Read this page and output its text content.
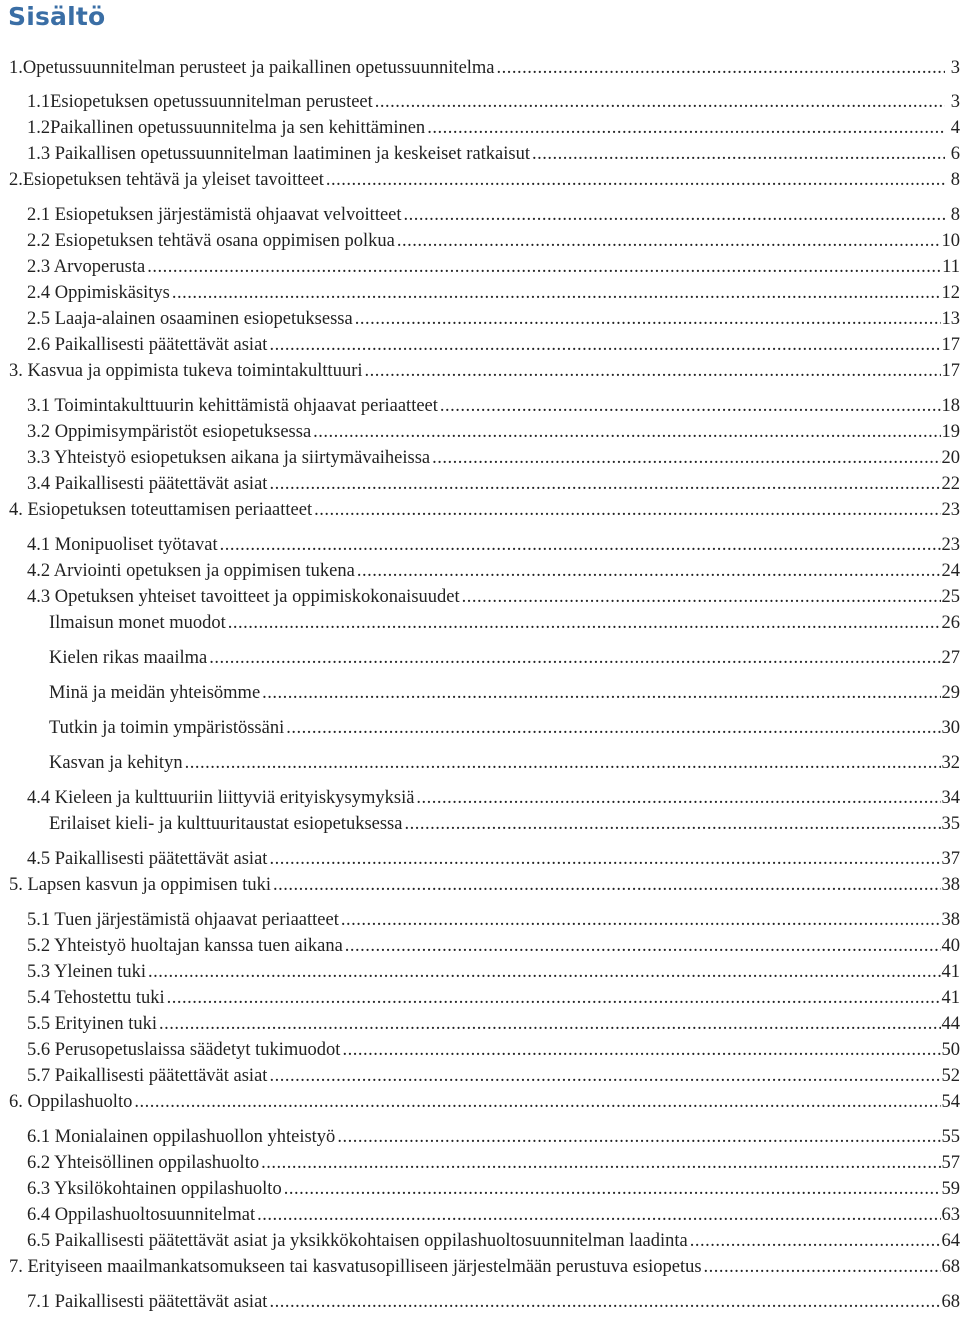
Sisältö
1.Opetussuunnitelman perusteet ja paikallinen opetussuunnitelma .....	3
1.1Esiopetuksen opetussuunnitelman perusteet .....	3
1.2Paikallinen opetussuunnitelma ja sen kehittäminen .....	4
1.3 Paikallisen opetussuunnitelman laatiminen ja keskeiset ratkaisut .....	6
2.Esiopetuksen tehtävä ja yleiset tavoitteet .....	8
2.1 Esiopetuksen järjestämistä ohjaavat velvoitteet .....	8
2.2 Esiopetuksen tehtävä osana oppimisen polkua .....	10
2.3 Arvoperusta .....	11
2.4 Oppimiskäsitys .....	12
2.5 Laaja-alainen osaaminen esiopetuksessa .....	13
2.6 Paikallisesti päätettävät asiat .....	17
3. Kasvua ja oppimista tukeva toimintakulttuuri .....	17
3.1 Toimintakulttuurin kehittämistä ohjaavat periaatteet .....	18
3.2 Oppimisympäristöt esiopetuksessa .....	19
3.3 Yhteistyö esiopetuksen aikana ja siirtymävaiheissa .....	20
3.4 Paikallisesti päätettävät asiat .....	22
4. Esiopetuksen toteuttamisen periaatteet .....	23
4.1 Monipuoliset työtavat .....	23
4.2 Arviointi opetuksen ja oppimisen tukena .....	24
4.3 Opetuksen yhteiset tavoitteet ja oppimiskokonaisuudet .....	25
Ilmaisun monet muodot .....	26
Kielen rikas maailma .....	27
Minä ja meidän yhteisömme .....	29
Tutkin ja toimin ympäristössäni .....	30
Kasvan ja kehityn .....	32
4.4 Kieleen ja kulttuuriin liittyviä erityiskysymyksiä .....	34
Erilaiset kieli- ja kulttuuritaustat esiopetuksessa .....	35
4.5 Paikallisesti päätettävät asiat .....	37
5. Lapsen kasvun ja oppimisen tuki .....	38
5.1 Tuen järjestämistä ohjaavat periaatteet .....	38
5.2 Yhteistyö huoltajan kanssa tuen aikana .....	40
5.3 Yleinen tuki .....	41
5.4 Tehostettu tuki .....	41
5.5 Erityinen tuki .....	44
5.6 Perusopetuslaissa säädetyt tukimuodot .....	50
5.7 Paikallisesti päätettävät asiat .....	52
6. Oppilashuolto .....	54
6.1 Monialainen oppilashuollon yhteistyö .....	55
6.2 Yhteisöllinen oppilashuolto .....	57
6.3 Yksilökohtainen oppilashuolto .....	59
6.4 Oppilashuoltosuunnitelmat .....	63
6.5 Paikallisesti päätettävät asiat ja yksikkökohtaisen oppilashuoltosuunnitelman laadinta .....	64
7. Erityiseen maailmankatsomukseen tai kasvatusopilliseen järjestelmään perustuva esiopetus .....	68
7.1 Paikallisesti päätettävät asiat .....	68
